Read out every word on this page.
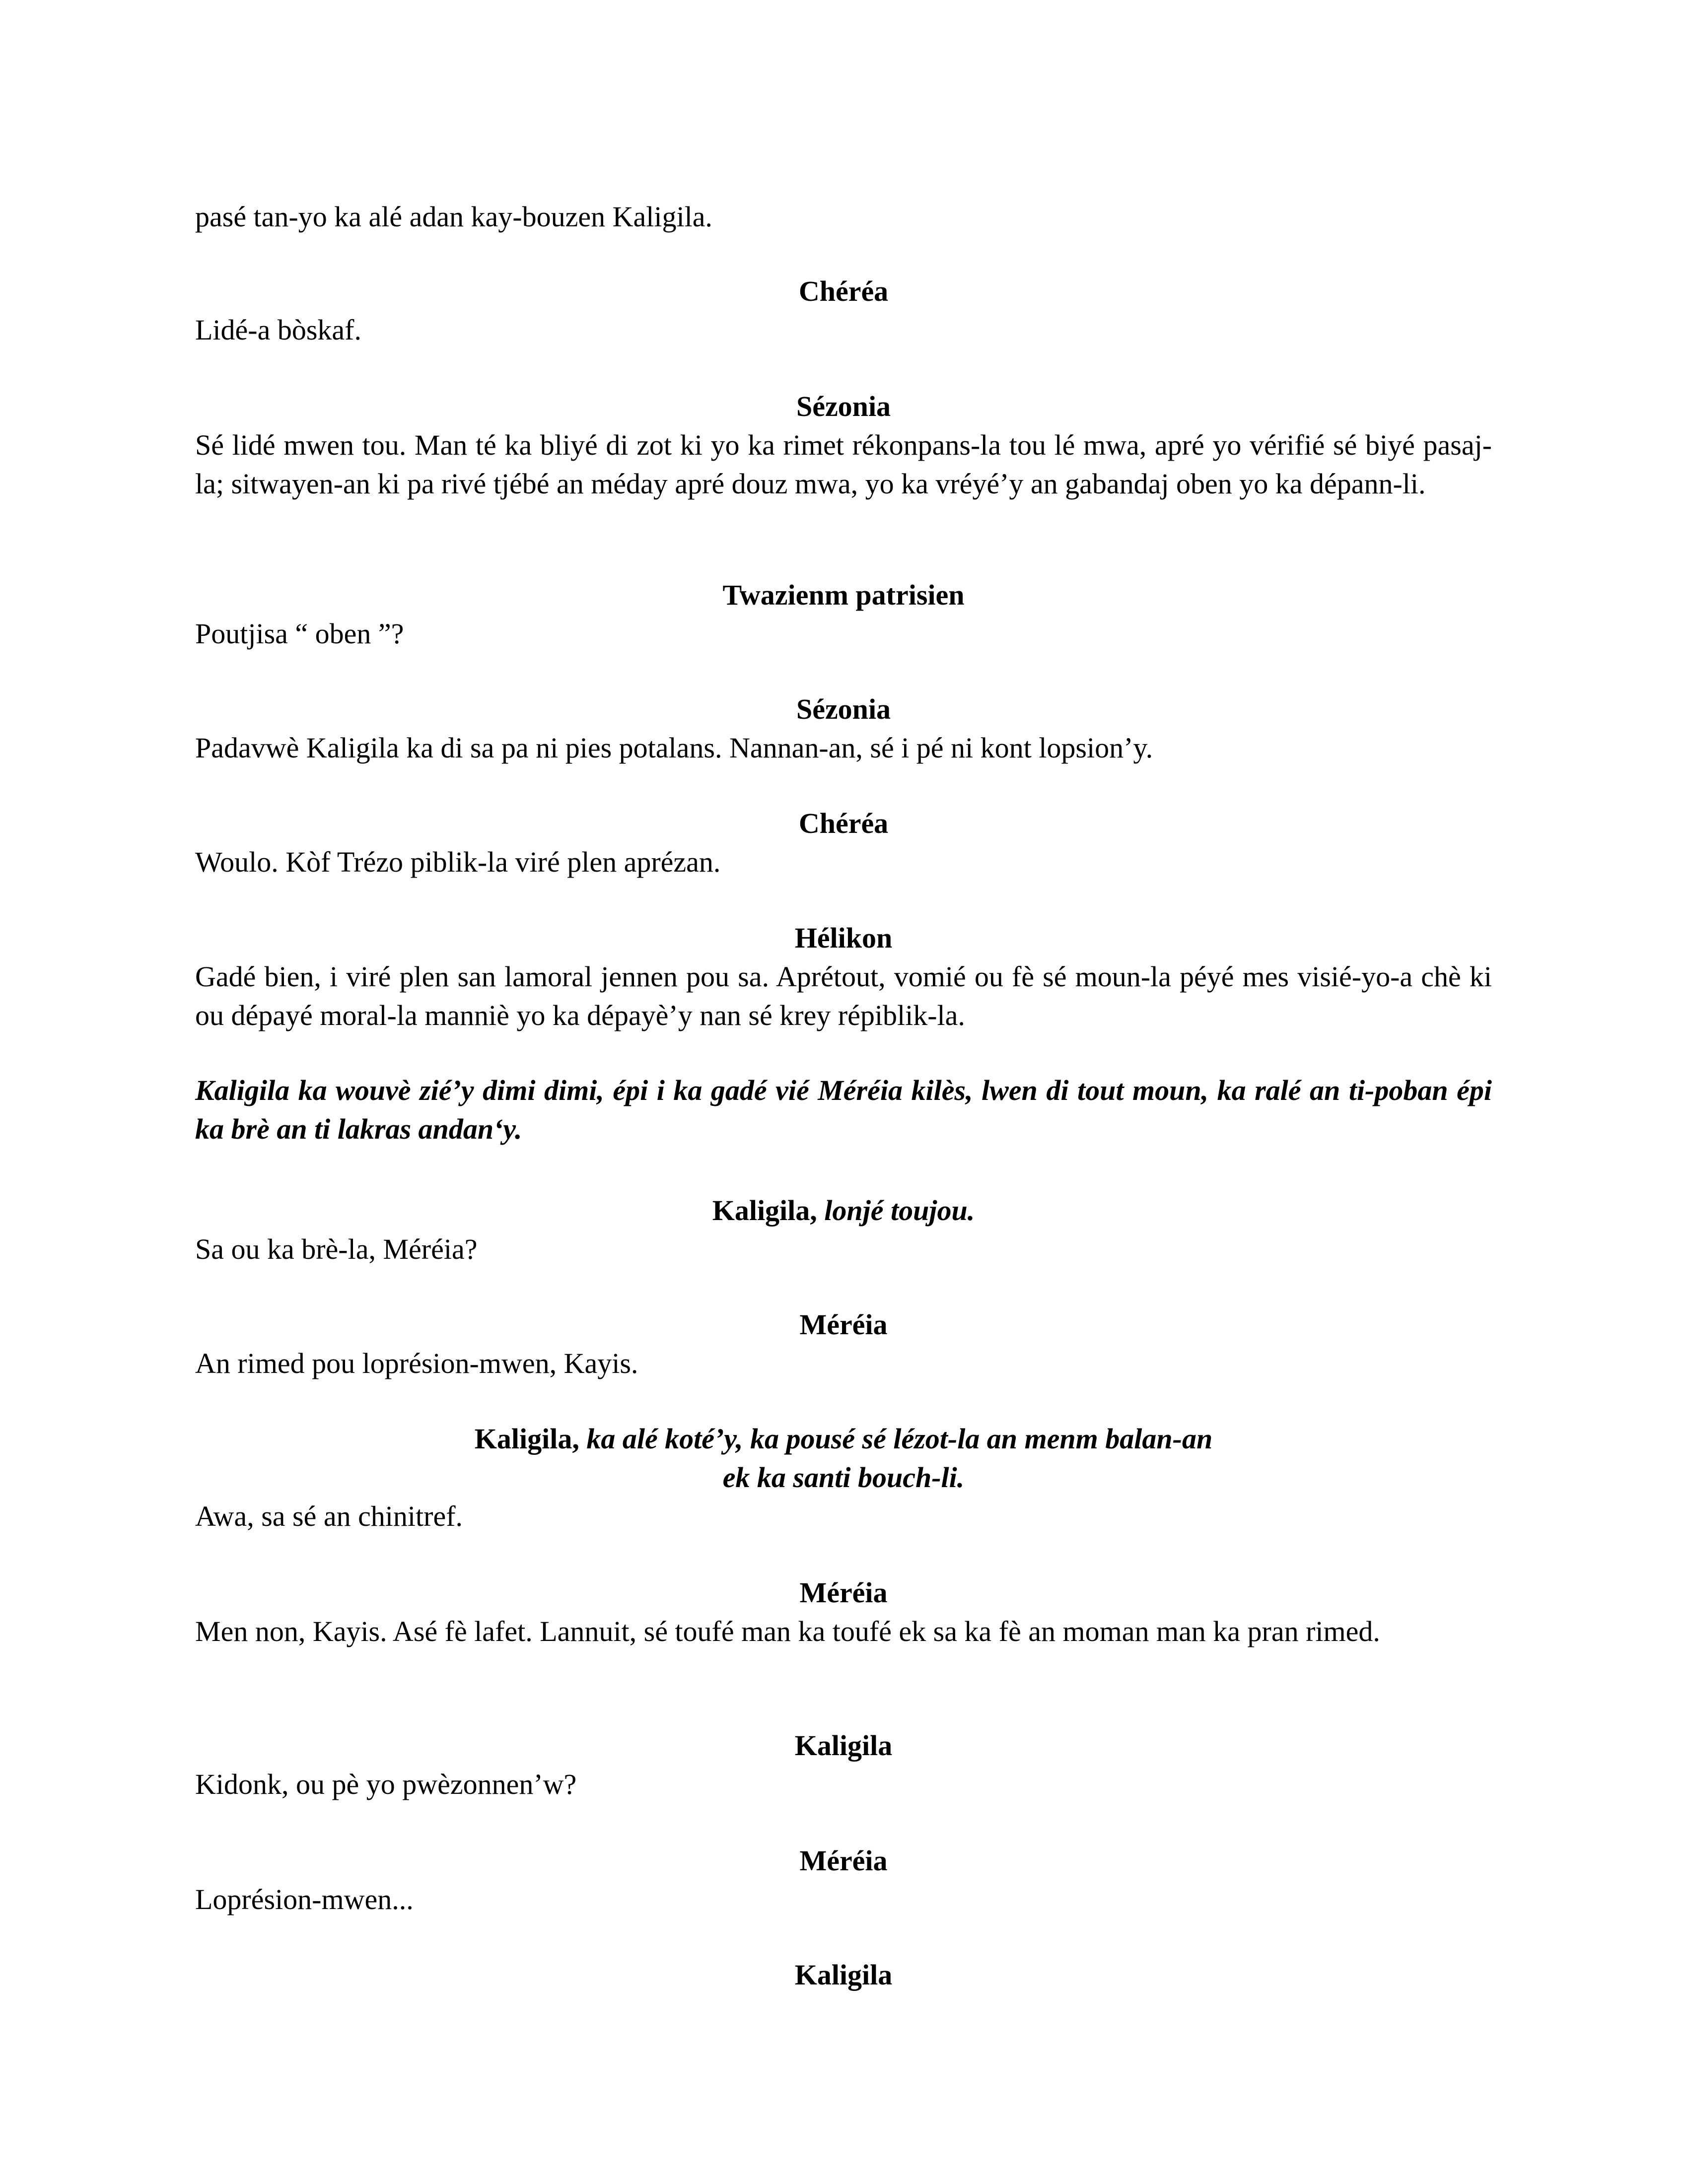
pasé tan-yo ka alé adan kay-bouzen Kaligila.

Chéréa

Lidé-a bòskaf.

Sézonia

Sé lidé mwen tou. Man té ka bliyé di zot ki yo ka rimet rékonpans-la tou lé mwa, apré yo vérifié sé biyé pasaj-la; sitwayen-an ki pa rivé tjébé an méday apré douz mwa, yo ka vréyé’y an gabandaj oben yo ka dépann-li.

Twazienm patrisien

Poutjisa “ oben ”?

Sézonia

Padavwè Kaligila ka di sa pa ni pies potalans. Nannan-an, sé i pé ni kont lopsion’y.

Chéréa

Woulo. Kòf Trézo piblik-la viré plen aprézan.

Hélikon

Gadé bien, i viré plen san lamoral jennen pou sa. Aprétout, vomié ou fè sé moun-la péyé mes visié-yo-a chè ki ou dépayé moral-la manniè yo ka dépayè’y nan sé krey répiblik-la.

Kaligila ka wouvè zié’y dimi dimi, épi i ka gadé vié Méréia kilès, lwen di tout moun, ka ralé an ti-poban épi ka brè an ti lakras andan‘y.

Kaligila, lonjé toujou.

Sa ou ka brè-la, Méréia?

Méréia

An rimed pou loprésion-mwen, Kayis.

Kaligila, ka alé koté’y, ka pousé sé lézot-la an menm balan-an
ek ka santi bouch-li.

Awa, sa sé an chinitref.

Méréia

Men non, Kayis. Asé fè lafet. Lannuit, sé toufé man ka toufé ek sa ka fè an moman man ka pran rimed.

Kaligila

Kidonk, ou pè yo pwèzonnen’w?

Méréia

Loprésion-mwen...

Kaligila
